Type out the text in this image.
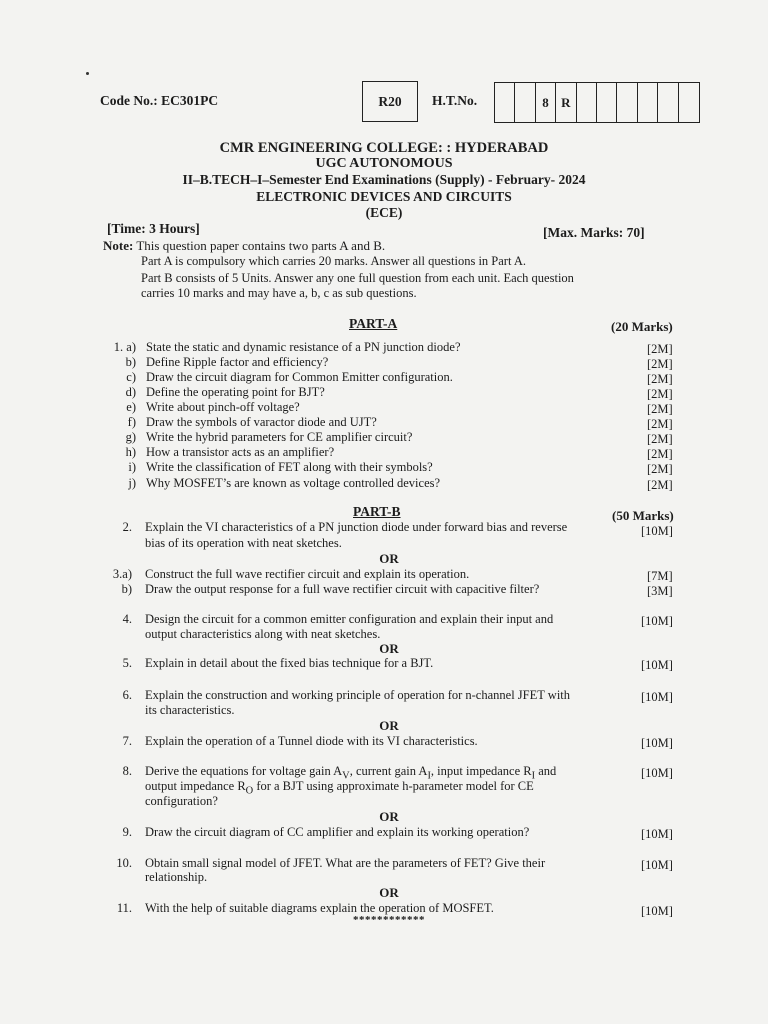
Code No.: EC301PC	R20 H.T.No.	8 R
CMR ENGINEERING COLLEGE: : HYDERABAD
UGC AUTONOMOUS
II–B.TECH–I–Semester End Examinations (Supply) - February- 2024
ELECTRONIC DEVICES AND CIRCUITS
(ECE)
[Time: 3 Hours]	[Max. Marks: 70]
Note: This question paper contains two parts A and B.
Part A is compulsory which carries 20 marks. Answer all questions in Part A.
Part B consists of 5 Units. Answer any one full question from each unit. Each question
carries 10 marks and may have a, b, c as sub questions.
PART-A	(20 Marks)
1. a) State the static and dynamic resistance of a PN junction diode?	[2M]
b) Define Ripple factor and efficiency?	[2M]
c) Draw the circuit diagram for Common Emitter configuration.	[2M]
d) Define the operating point for BJT?	[2M]
e) Write about pinch-off voltage?	[2M]
f) Draw the symbols of varactor diode and UJT?	[2M]
g) Write the hybrid parameters for CE amplifier circuit?	[2M]
h) How a transistor acts as an amplifier?	[2M]
i) Write the classification of FET along with their symbols?	[2M]
j) Why MOSFET’s are known as voltage controlled devices?	[2M]
PART-B	(50 Marks)
2. Explain the VI characteristics of a PN junction diode under forward bias and reverse
bias of its operation with neat sketches.
[10M]
OR
3.a) Construct the full wave rectifier circuit and explain its operation.	[7M]
b) Draw the output response for a full wave rectifier circuit with capacitive filter?	[3M]
4. Design the circuit for a common emitter configuration and explain their input and
output characteristics along with neat sketches.
[10M]
OR
5. Explain in detail about the fixed bias technique for a BJT.	[10M]
6. Explain the construction and working principle of operation for n-channel JFET with
its characteristics.
[10M]
OR
7. Explain the operation of a Tunnel diode with its VI characteristics.	[10M]
8. Derive the equations for voltage gain $A_V$, current gain $A_I$, input impedance $R_I$ and
output impedance $R_O$ for a BJT using approximate h-parameter model for CE
configuration?
[10M]
OR
9. Draw the circuit diagram of CC amplifier and explain its working operation?	[10M]
10. Obtain small signal model of JFET. What are the parameters of FET? Give their
relationship.
[10M]
OR
11. With the help of suitable diagrams explain the operation of MOSFET.	[10M]
************
